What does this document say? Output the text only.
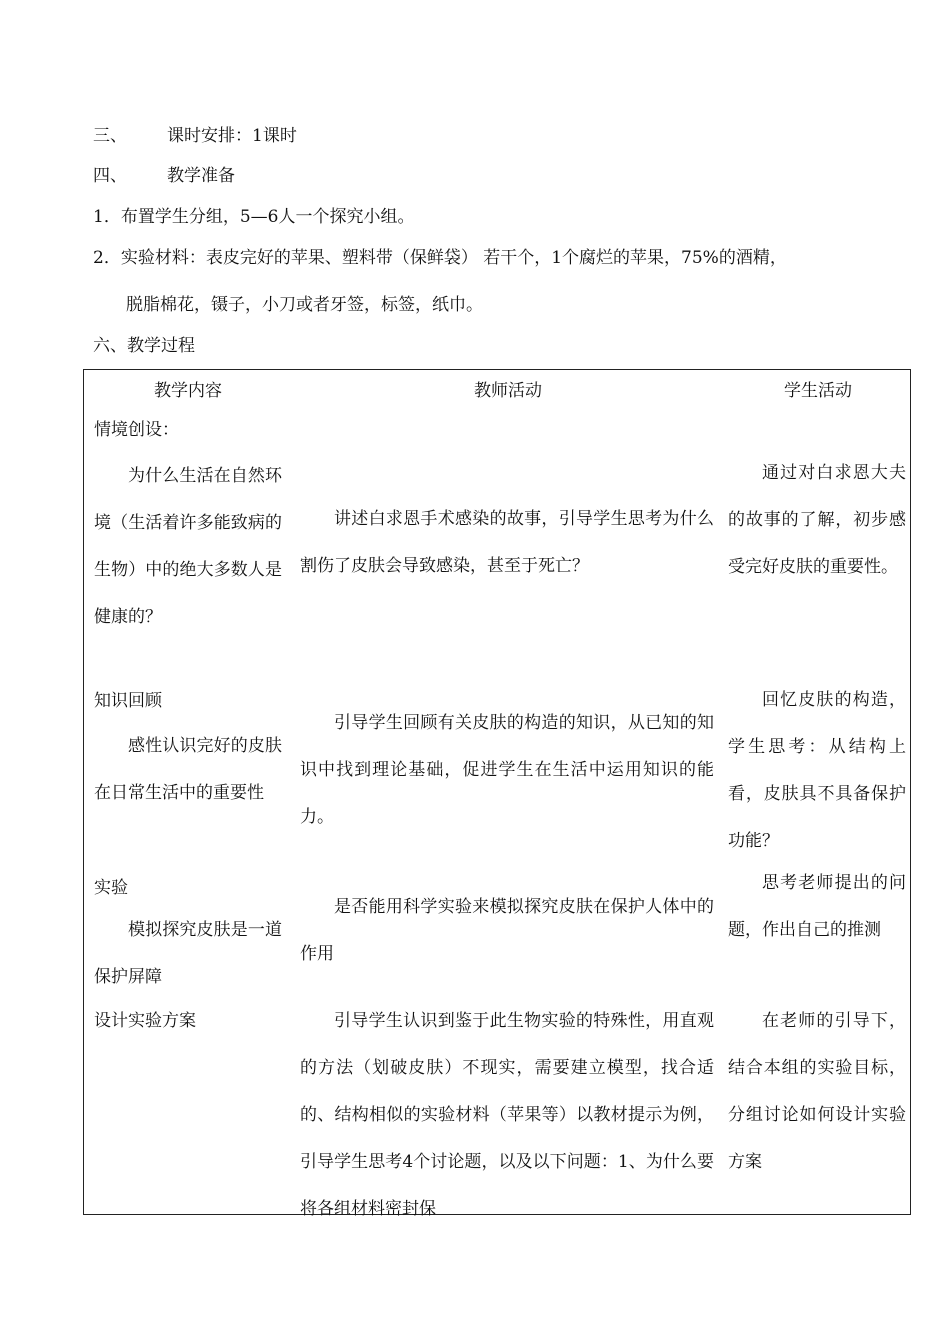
三、 课时安排：1课时
四、 教学准备
1．布置学生分组，5—6人一个探究小组。
2．实验材料：表皮完好的苹果、塑料带（保鲜袋） 若干个，1个腐烂的苹果，75%的酒精，
脱脂棉花，镊子，小刀或者牙签，标签，纸巾。
六、教学过程
教学内容
情境创设：
为什么生活在自然环境（生活着许多能致病的生物）中的绝大多数人是健康的？
知识回顾
感性认识完好的皮肤在日常生活中的重要性
实验
模拟探究皮肤是一道保护屏障
设计实验方案
教师活动
讲述白求恩手术感染的故事，引导学生思考为什么割伤了皮肤会导致感染，甚至于死亡？
引导学生回顾有关皮肤的构造的知识，从已知的知识中找到理论基础，促进学生在生活中运用知识的能力。
是否能用科学实验来模拟探究皮肤在保护人体中的作用
引导学生认识到鉴于此生物实验的特殊性，用直观的方法（划破皮肤）不现实，需要建立模型，找合适的、结构相似的实验材料（苹果等）以教材提示为例，引导学生思考4个讨论题，以及以下问题：1、为什么要将各组材料密封保
学生活动
通过对白求恩大夫的故事的了解，初步感受完好皮肤的重要性。
回忆皮肤的构造，学生思考：从结构上看，皮肤具不具备保护功能？
思考老师提出的问题，作出自己的推测
在老师的引导下，结合本组的实验目标，分组讨论如何设计实验方案
